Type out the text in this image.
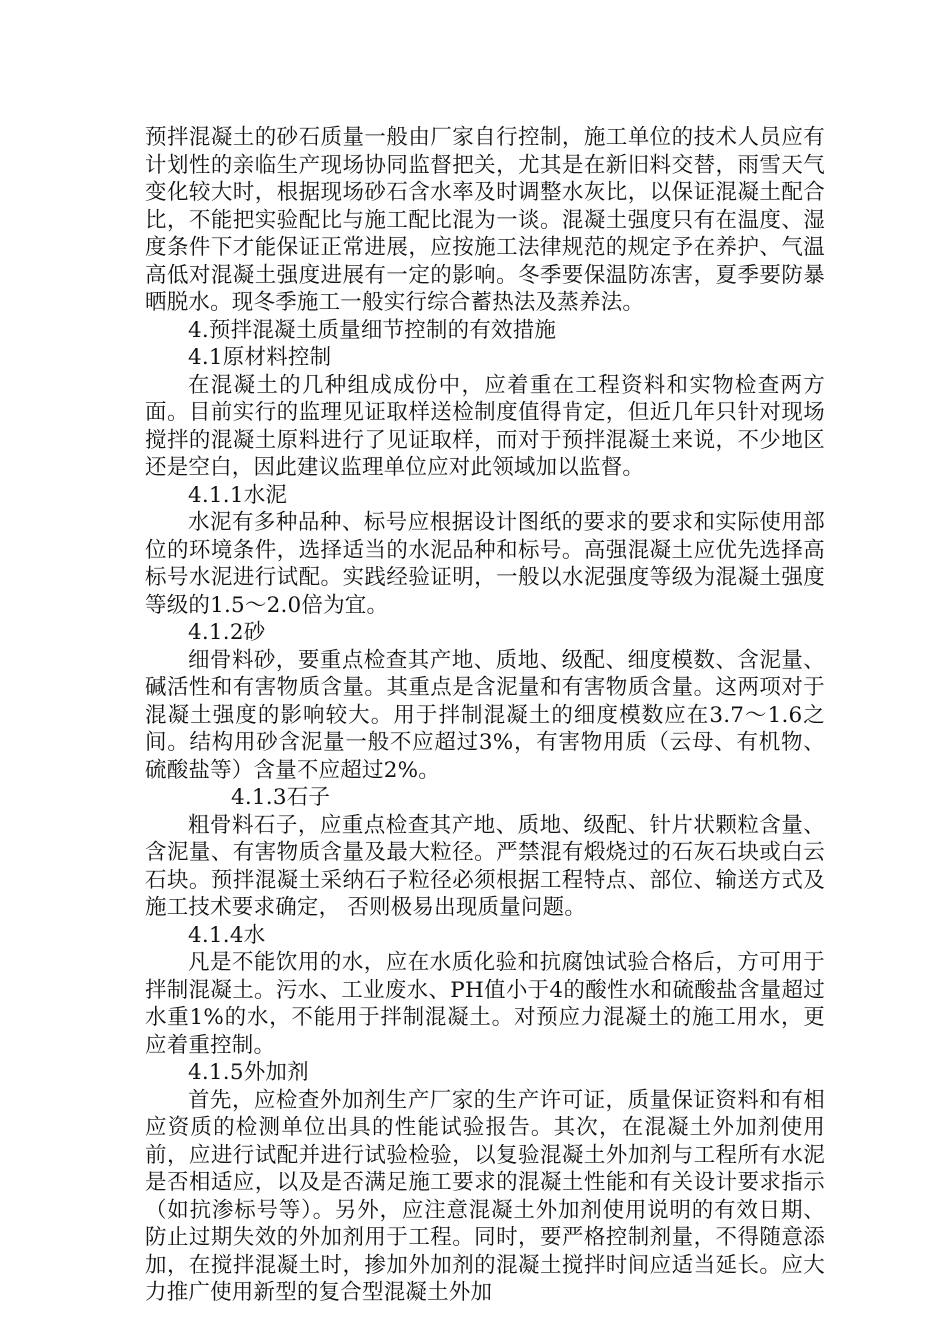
预拌混凝土的砂石质量一般由厂家自行控制，施工单位的技术人员应有计划性的亲临生产现场协同监督把关，尤其是在新旧料交替，雨雪天气变化较大时，根据现场砂石含水率及时调整水灰比，以保证混凝土配合比，不能把实验配比与施工配比混为一谈。混凝土强度只有在温度、湿度条件下才能保证正常进展，应按施工法律规范的规定予在养护、气温高低对混凝土强度进展有一定的影响。冬季要保温防冻害，夏季要防暴晒脱水。现冬季施工一般实行综合蓄热法及蒸养法。

4.预拌混凝土质量细节控制的有效措施

4.1原材料控制

在混凝土的几种组成成份中，应着重在工程资料和实物检查两方面。目前实行的监理见证取样送检制度值得肯定，但近几年只针对现场搅拌的混凝土原料进行了见证取样，而对于预拌混凝土来说，不少地区还是空白，因此建议监理单位应对此领域加以监督。

4.1.1水泥

水泥有多种品种、标号应根据设计图纸的要求的要求和实际使用部位的环境条件，选择适当的水泥品种和标号。高强混凝土应优先选择高标号水泥进行试配。实践经验证明，一般以水泥强度等级为混凝土强度等级的1.5～2.0倍为宜。

4.1.2砂

细骨料砂，要重点检查其产地、质地、级配、细度模数、含泥量、碱活性和有害物质含量。其重点是含泥量和有害物质含量。这两项对于混凝土强度的影响较大。用于拌制混凝土的细度模数应在3.7～1.6之间。结构用砂含泥量一般不应超过3%，有害物用质（云母、有机物、硫酸盐等）含量不应超过2%。

4.1.3石子

粗骨料石子，应重点检查其产地、质地、级配、针片状颗粒含量、含泥量、有害物质含量及最大粒径。严禁混有煅烧过的石灰石块或白云石块。预拌混凝土采纳石子粒径必须根据工程特点、部位、输送方式及施工技术要求确定， 否则极易出现质量问题。

4.1.4水

凡是不能饮用的水，应在水质化验和抗腐蚀试验合格后，方可用于拌制混凝土。污水、工业废水、PH值小于4的酸性水和硫酸盐含量超过水重1%的水，不能用于拌制混凝土。对预应力混凝土的施工用水，更应着重控制。

4.1.5外加剂

首先，应检查外加剂生产厂家的生产许可证，质量保证资料和有相应资质的检测单位出具的性能试验报告。其次，在混凝土外加剂使用前，应进行试配并进行试验检验，以复验混凝土外加剂与工程所有水泥是否相适应，以及是否满足施工要求的混凝土性能和有关设计要求指示（如抗渗标号等）。另外，应注意混凝土外加剂使用说明的有效日期、防止过期失效的外加剂用于工程。同时，要严格控制剂量，不得随意添加，在搅拌混凝土时，掺加外加剂的混凝土搅拌时间应适当延长。应大力推广使用新型的复合型混凝土外加
